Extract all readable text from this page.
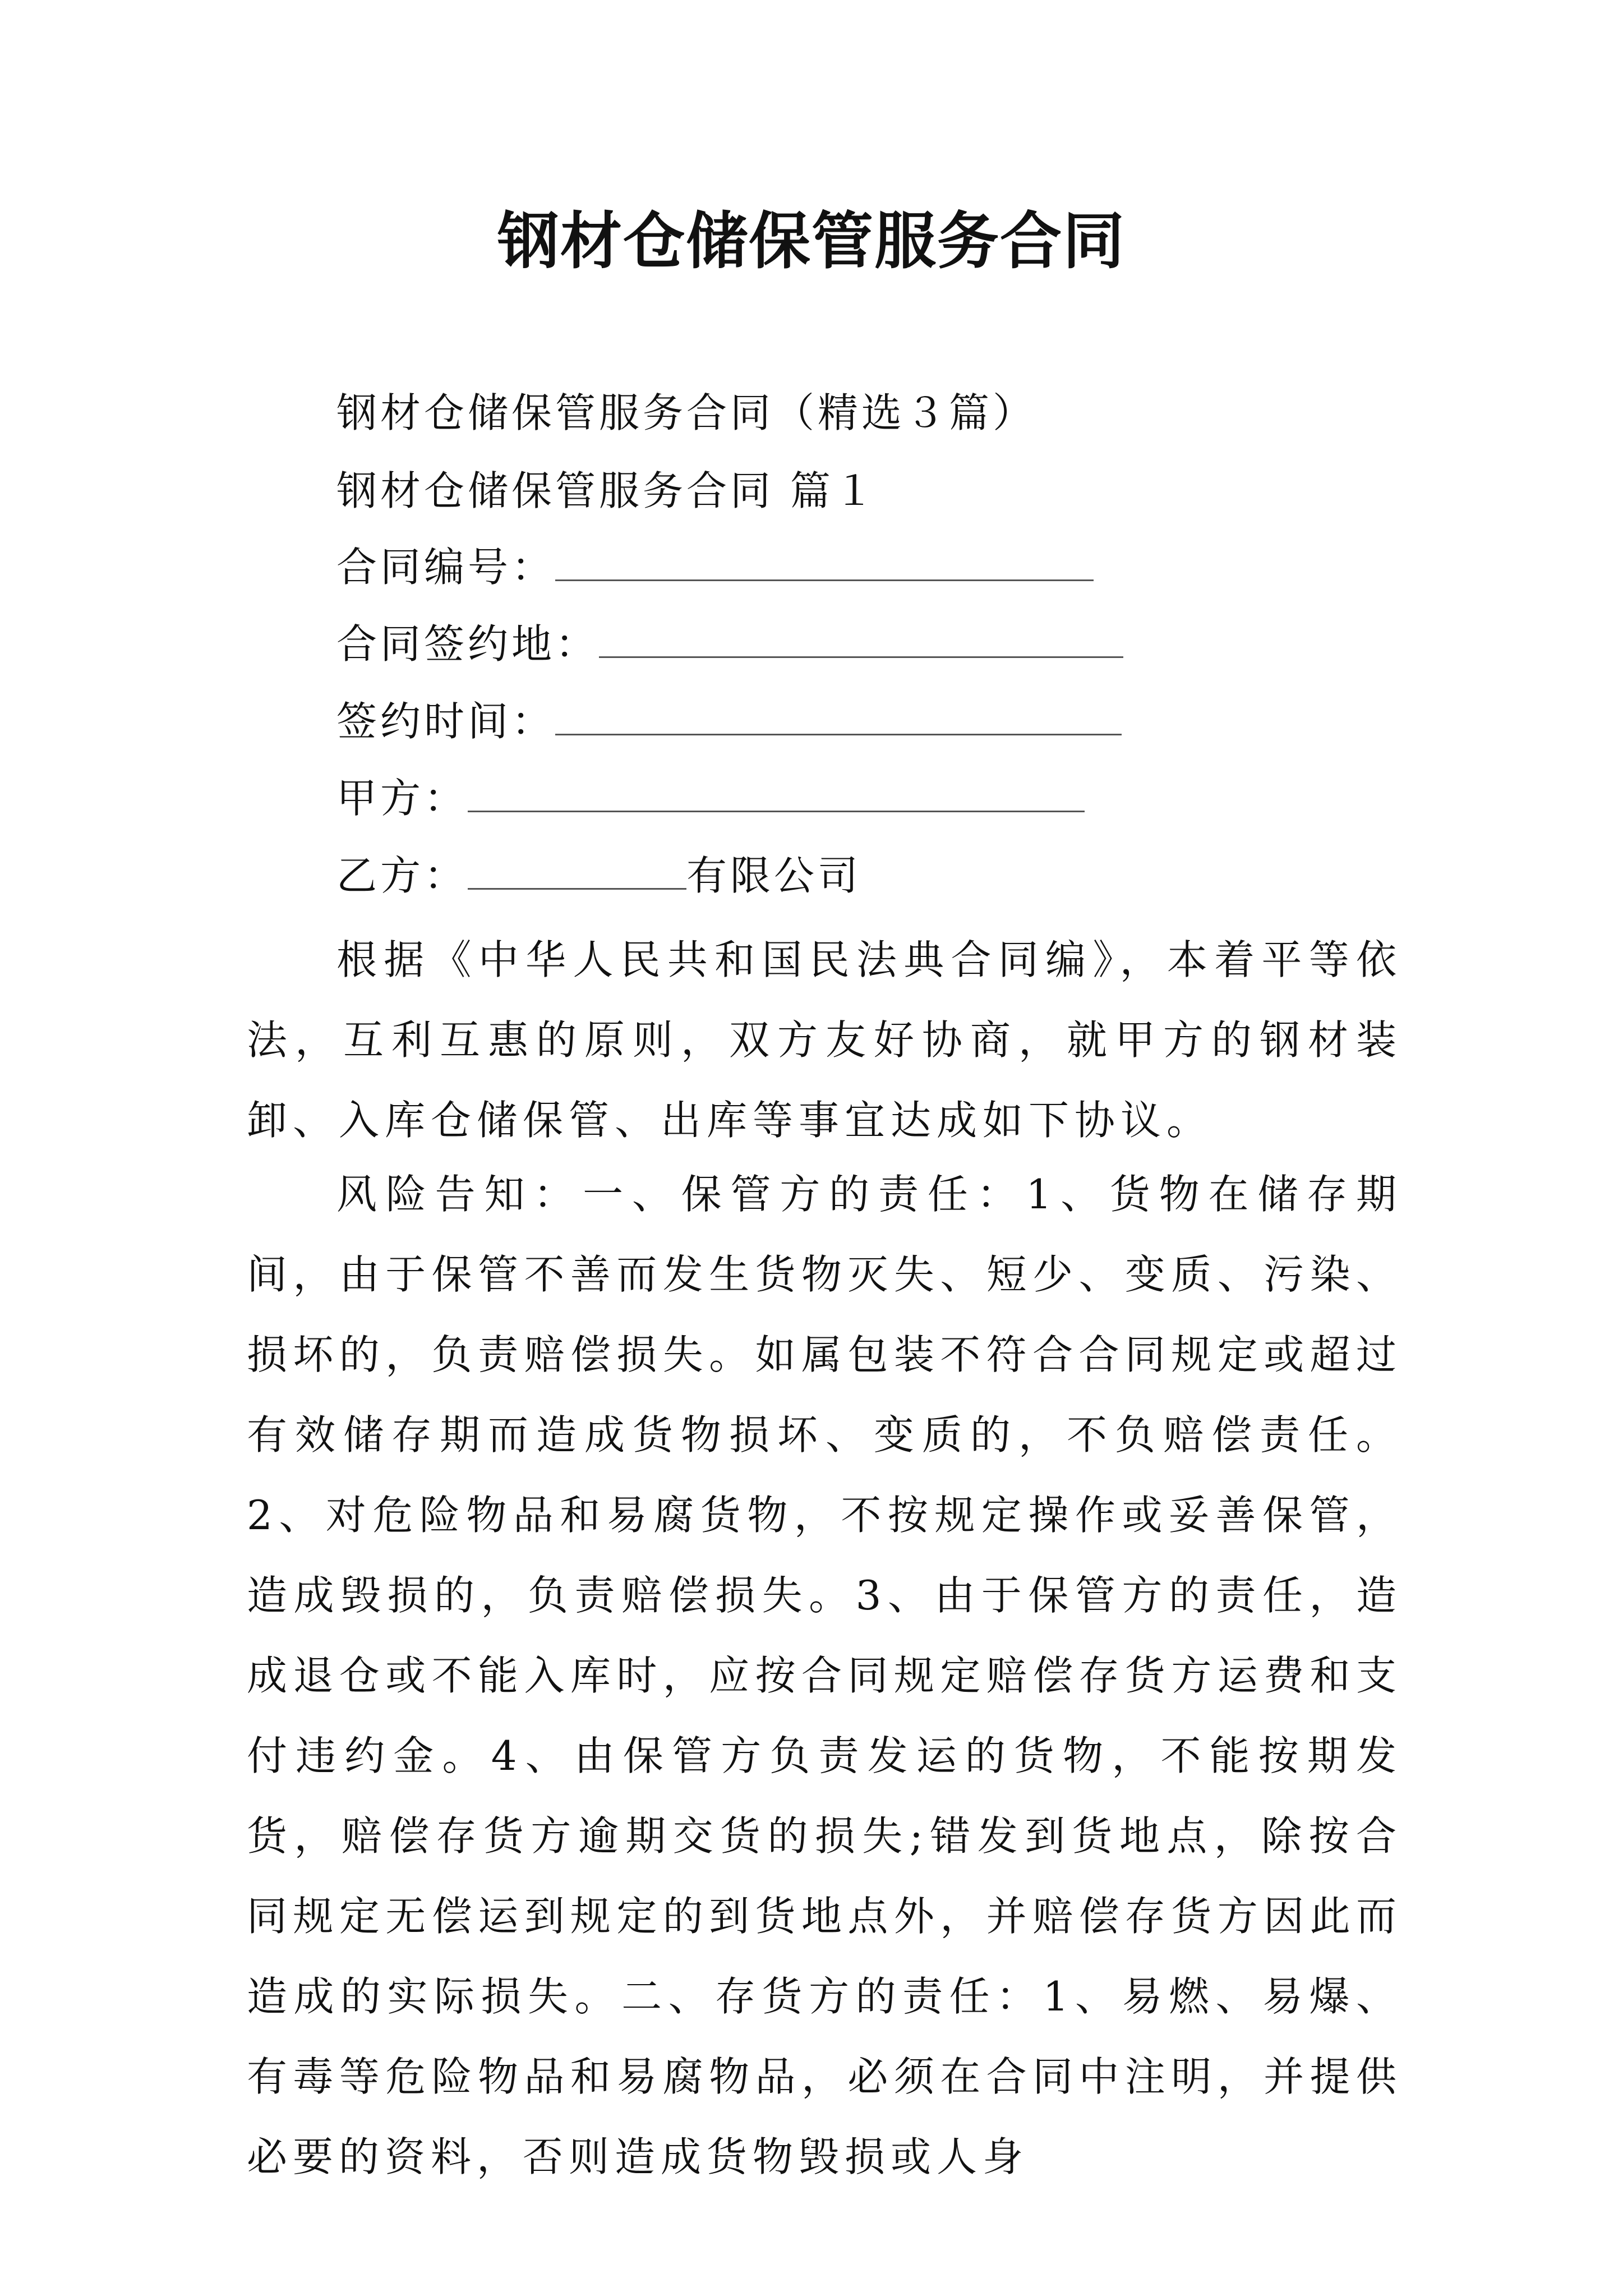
钢材仓储保管服务合同
钢材仓储保管服务合同（精选３篇）
钢材仓储保管服务合同 篇１
合同编号：
合同签约地：
签约时间：
甲方：
乙方：	有限公司

根据《中华人民共和国民法典合同编》，本着平等依法，互利互惠的原则，双方友好协商，就甲方的钢材装卸、入库仓储保管、出库等事宜达成如下协议。

风险告知：一、保管方的责任：1、货物在储存期间，由于保管不善而发生货物灭失、短少、变质、污染、损坏的，负责赔偿损失。如属包装不符合合同规定或超过有效储存期而造成货物损坏、变质的，不负赔偿责任。2、对危险物品和易腐货物，不按规定操作或妥善保管，造成毁损的，负责赔偿损失。3、由于保管方的责任，造成退仓或不能入库时，应按合同规定赔偿存货方运费和支付违约金。4、由保管方负责发运的货物，不能按期发货，赔偿存货方逾期交货的损失;错发到货地点，除按合同规定无偿运到规定的到货地点外，并赔偿存货方因此而造成的实际损失。二、存货方的责任：1、易燃、易爆、有毒等危险物品和易腐物品，必须在合同中注明，并提供必要的资料，否则造成货物毁损或人身
